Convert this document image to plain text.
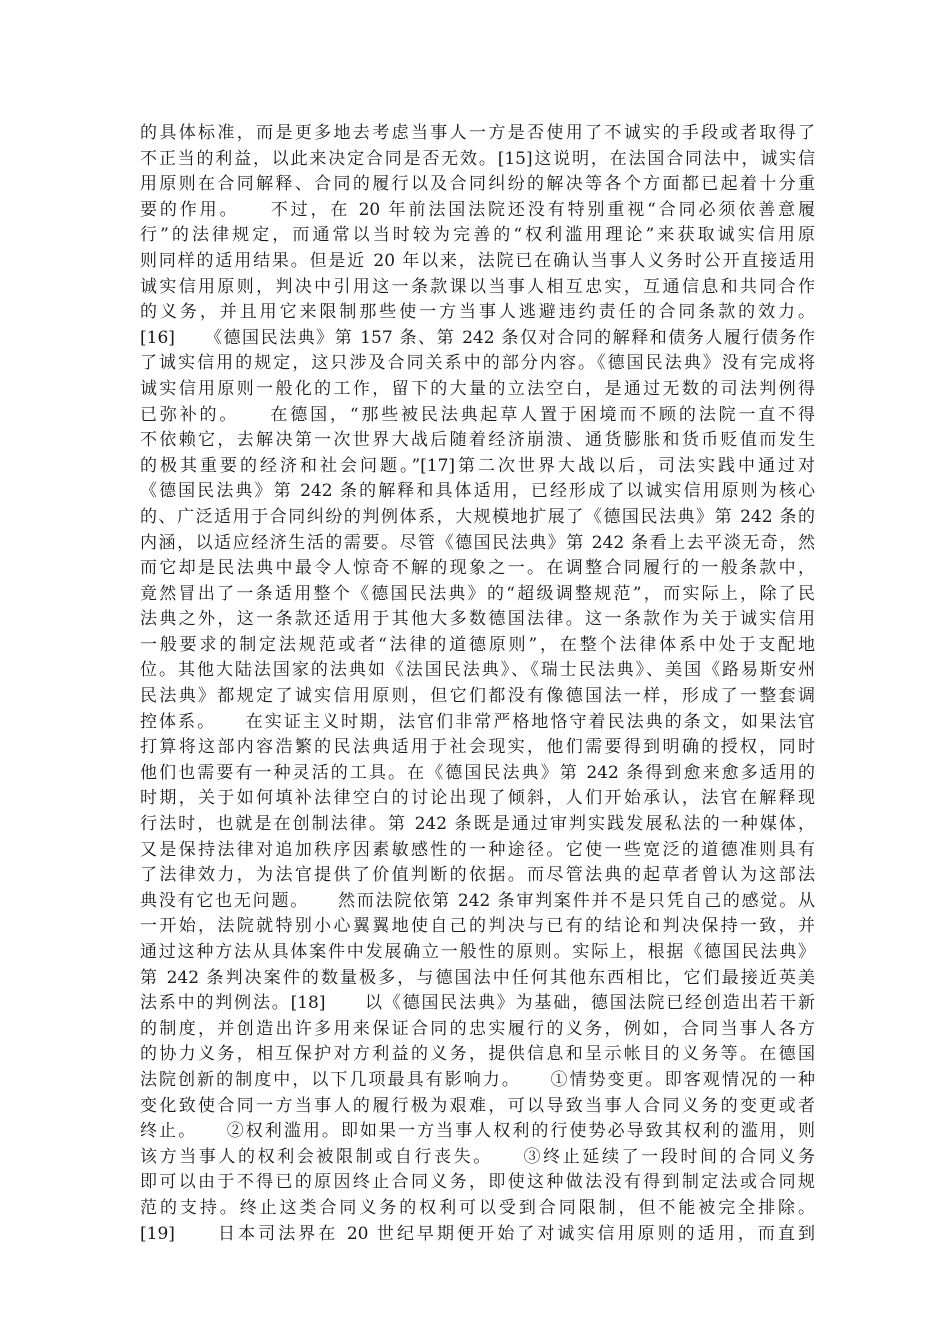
的具体标准，而是更多地去考虑当事人一方是否使用了不诚实的手段或者取得了
不正当的利益，以此来决定合同是否无效。[15]这说明，在法国合同法中，诚实信
用原则在合同解释、合同的履行以及合同纠纷的解决等各个方面都已起着十分重
要的作用。　　不过，在 20 年前法国法院还没有特别重视“合同必须依善意履
行”的法律规定，而通常以当时较为完善的“权利滥用理论”来获取诚实信用原
则同样的适用结果。但是近 20 年以来，法院已在确认当事人义务时公开直接适用
诚实信用原则，判决中引用这一条款课以当事人相互忠实，互通信息和共同合作
的义务，并且用它来限制那些使一方当事人逃避违约责任的合同条款的效力。
[16]　　《德国民法典》第 157 条、第 242 条仅对合同的解释和债务人履行债务作
了诚实信用的规定，这只涉及合同关系中的部分内容。《德国民法典》没有完成将
诚实信用原则一般化的工作，留下的大量的立法空白，是通过无数的司法判例得
已弥补的。　　在德国，“那些被民法典起草人置于困境而不顾的法院一直不得
不依赖它，去解决第一次世界大战后随着经济崩溃、通货膨胀和货币贬值而发生
的极其重要的经济和社会问题。”[17]第二次世界大战以后，司法实践中通过对
《德国民法典》第 242 条的解释和具体适用，已经形成了以诚实信用原则为核心
的、广泛适用于合同纠纷的判例体系，大规模地扩展了《德国民法典》第 242 条的
内涵，以适应经济生活的需要。尽管《德国民法典》第 242 条看上去平淡无奇，然
而它却是民法典中最令人惊奇不解的现象之一。在调整合同履行的一般条款中，
竟然冒出了一条适用整个《德国民法典》的“超级调整规范”，而实际上，除了民
法典之外，这一条款还适用于其他大多数德国法律。这一条款作为关于诚实信用
一般要求的制定法规范或者“法律的道德原则”，在整个法律体系中处于支配地
位。其他大陆法国家的法典如《法国民法典》、《瑞士民法典》、美国《路易斯安州
民法典》都规定了诚实信用原则，但它们都没有像德国法一样，形成了一整套调
控体系。　　在实证主义时期，法官们非常严格地恪守着民法典的条文，如果法官
打算将这部内容浩繁的民法典适用于社会现实，他们需要得到明确的授权，同时
他们也需要有一种灵活的工具。在《德国民法典》第 242 条得到愈来愈多适用的
时期，关于如何填补法律空白的讨论出现了倾斜，人们开始承认，法官在解释现
行法时，也就是在创制法律。第 242 条既是通过审判实践发展私法的一种媒体，
又是保持法律对追加秩序因素敏感性的一种途径。它使一些宽泛的道德准则具有
了法律效力，为法官提供了价值判断的依据。而尽管法典的起草者曾认为这部法
典没有它也无问题。　　然而法院依第 242 条审判案件并不是只凭自己的感觉。从
一开始，法院就特别小心翼翼地使自己的判决与已有的结论和判决保持一致，并
通过这种方法从具体案件中发展确立一般性的原则。实际上，根据《德国民法典》
第 242 条判决案件的数量极多，与德国法中任何其他东西相比，它们最接近英美
法系中的判例法。[18]　　以《德国民法典》为基础，德国法院已经创造出若干新
的制度，并创造出许多用来保证合同的忠实履行的义务，例如，合同当事人各方
的协力义务，相互保护对方利益的义务，提供信息和呈示帐目的义务等。在德国
法院创新的制度中，以下几项最具有影响力。　　①情势变更。即客观情况的一种
变化致使合同一方当事人的履行极为艰难，可以导致当事人合同义务的变更或者
终止。　　②权利滥用。即如果一方当事人权利的行使势必导致其权利的滥用，则
该方当事人的权利会被限制或自行丧失。　　③终止延续了一段时间的合同义务
即可以由于不得已的原因终止合同义务，即使这种做法没有得到制定法或合同规
范的支持。终止这类合同义务的权利可以受到合同限制，但不能被完全排除。
[19]　　日本司法界在 20 世纪早期便开始了对诚实信用原则的适用，而直到
